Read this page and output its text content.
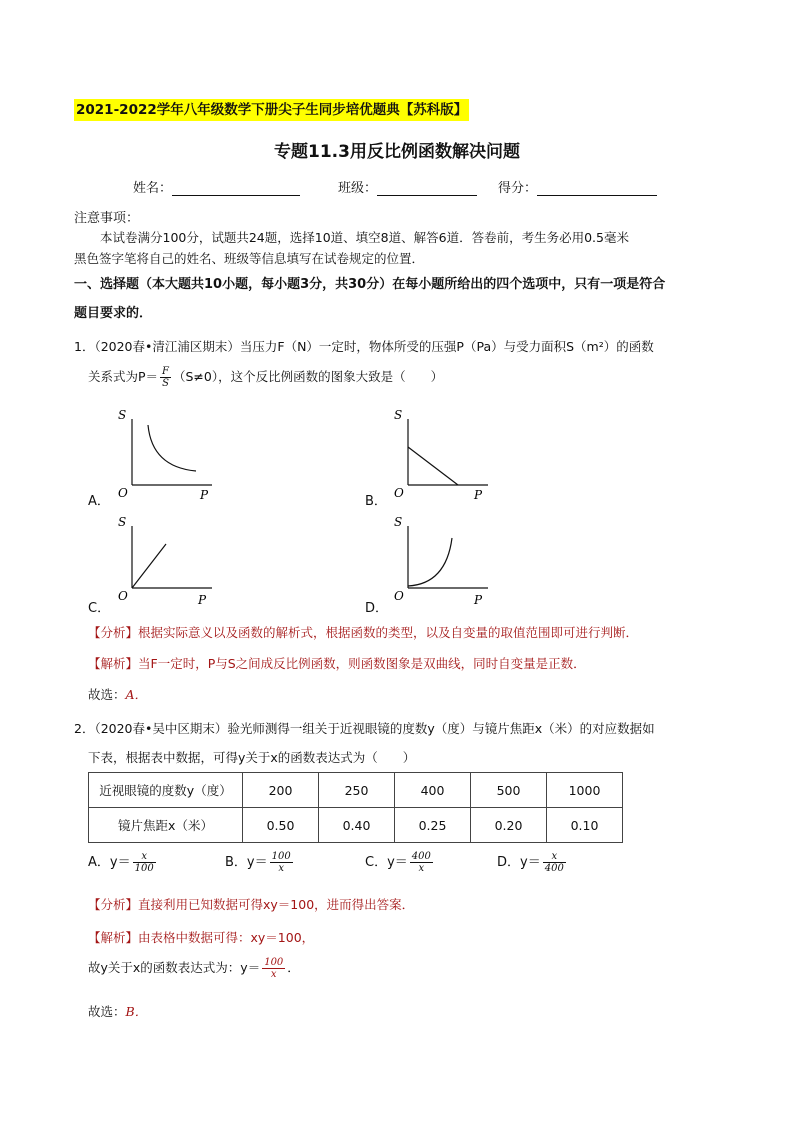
2021-2022学年八年级数学下册尖子生同步培优题典【苏科版】
专题11.3用反比例函数解决问题
姓名：	班级：	得分：
注意事项：
本试卷满分100分，试题共24题，选择10道、填空8道、解答6道．答卷前，考生务必用0.5毫米
黑色签字笔将自己的姓名、班级等信息填写在试卷规定的位置．
一、选择题（本大题共10小题，每小题3分，共30分）在每小题所给出的四个选项中，只有一项是符合
题目要求的．
1．（2020春•清江浦区期末）当压力F（N）一定时，物体所受的压强P（Pa）与受力面积S（m²）的函数
关系式为$P= \frac{F}{S} (S\ne 0)$，这个反比例函数的图象大致是（　　）
A．
S
O	P	B．
S
O	P
C．
S
O	P
D．
S
O	P
【分析】根据实际意义以及函数的解析式，根据函数的类型，以及自变量的取值范围即可进行判断．
【解析】当F一定时，P与S之间成反比例函数，则函数图象是双曲线，同时自变量是正数．
故选：A．
2．（2020春•吴中区期末）验光师测得一组关于近视眼镜的度数y（度）与镜片焦距x（米）的对应数据如
下表，根据表中数据，可得y关于x的函数表达式为（　　）
近视眼镜的度数y（度）	200	250	400	500	1000
镜片焦距x（米）	0.50	0.40	0.25	0.20	0.10
A．$y= \frac{x}{100}$	B．$y= \frac{100}{x}$	C．$y= \frac{400}{x}$	D．$y= \frac{x}{400}$
【分析】直接利用已知数据可得xy＝100，进而得出答案．
【解析】由表格中数据可得：xy＝100，
故y关于x的函数表达式为：$y= \frac{100}{x}$ ．
故选：B．
